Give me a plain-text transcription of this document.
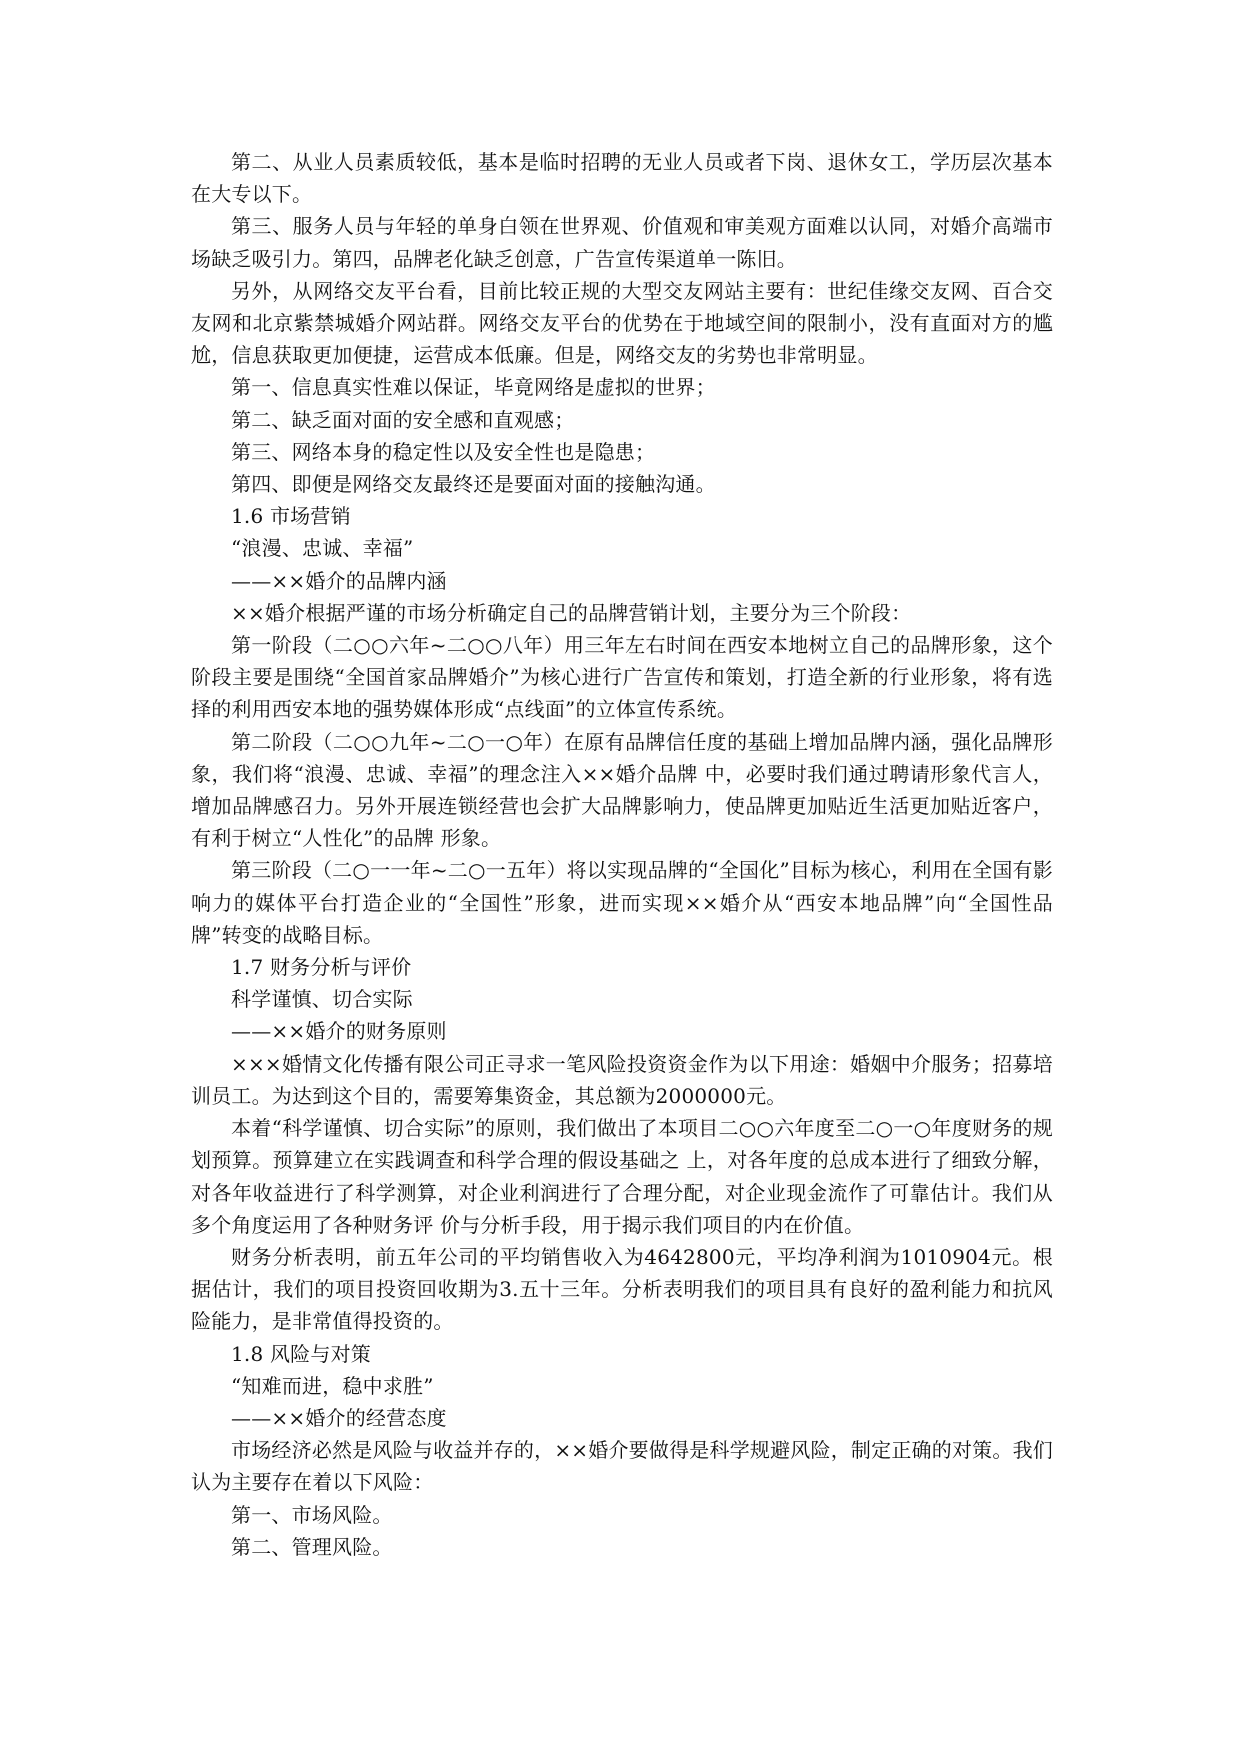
第二、从业人员素质较低，基本是临时招聘的无业人员或者下岗、退休女工，学历层次基本在大专以下。

第三、服务人员与年轻的单身白领在世界观、价值观和审美观方面难以认同，对婚介高端市场缺乏吸引力。第四，品牌老化缺乏创意，广告宣传渠道单一陈旧。

另外，从网络交友平台看，目前比较正规的大型交友网站主要有：世纪佳缘交友网、百合交友网和北京紫禁城婚介网站群。网络交友平台的优势在于地域空间的限制小，没有直面对方的尴尬，信息获取更加便捷，运营成本低廉。但是，网络交友的劣势也非常明显。

第一、信息真实性难以保证，毕竟网络是虚拟的世界；

第二、缺乏面对面的安全感和直观感；

第三、网络本身的稳定性以及安全性也是隐患；

第四、即便是网络交友最终还是要面对面的接触沟通。

1.6 市场营销

“浪漫、忠诚、幸福”

——××婚介的品牌内涵

××婚介根据严谨的市场分析确定自己的品牌营销计划，主要分为三个阶段：

第一阶段（二○○六年~二○○八年）用三年左右时间在西安本地树立自己的品牌形象，这个阶段主要是围绕“全国首家品牌婚介”为核心进行广告宣传和策划，打造全新的行业形象，将有选择的利用西安本地的强势媒体形成“点线面”的立体宣传系统。

第二阶段（二○○九年~二○一○年）在原有品牌信任度的基础上增加品牌内涵，强化品牌形象，我们将“浪漫、忠诚、幸福”的理念注入××婚介品牌 中，必要时我们通过聘请形象代言人，增加品牌感召力。另外开展连锁经营也会扩大品牌影响力，使品牌更加贴近生活更加贴近客户，有利于树立“人性化”的品牌 形象。

第三阶段（二○一一年~二○一五年）将以实现品牌的“全国化”目标为核心，利用在全国有影响力的媒体平台打造企业的“全国性”形象，进而实现××婚介从“西安本地品牌”向“全国性品牌”转变的战略目标。

1.7 财务分析与评价

科学谨慎、切合实际

——××婚介的财务原则

×××婚情文化传播有限公司正寻求一笔风险投资资金作为以下用途：婚姻中介服务；招募培训员工。为达到这个目的，需要筹集资金，其总额为2000000元。

本着“科学谨慎、切合实际”的原则，我们做出了本项目二○○六年度至二○一○年度财务的规划预算。预算建立在实践调查和科学合理的假设基础之 上，对各年度的总成本进行了细致分解，对各年收益进行了科学测算，对企业利润进行了合理分配，对企业现金流作了可靠估计。我们从多个角度运用了各种财务评 价与分析手段，用于揭示我们项目的内在价值。

财务分析表明，前五年公司的平均销售收入为4642800元，平均净利润为1010904元。根据估计，我们的项目投资回收期为3.五十三年。分析表明我们的项目具有良好的盈利能力和抗风险能力，是非常值得投资的。

1.8 风险与对策

“知难而进，稳中求胜”

——××婚介的经营态度

市场经济必然是风险与收益并存的，××婚介要做得是科学规避风险，制定正确的对策。我们认为主要存在着以下风险：

第一、市场风险。

第二、管理风险。
